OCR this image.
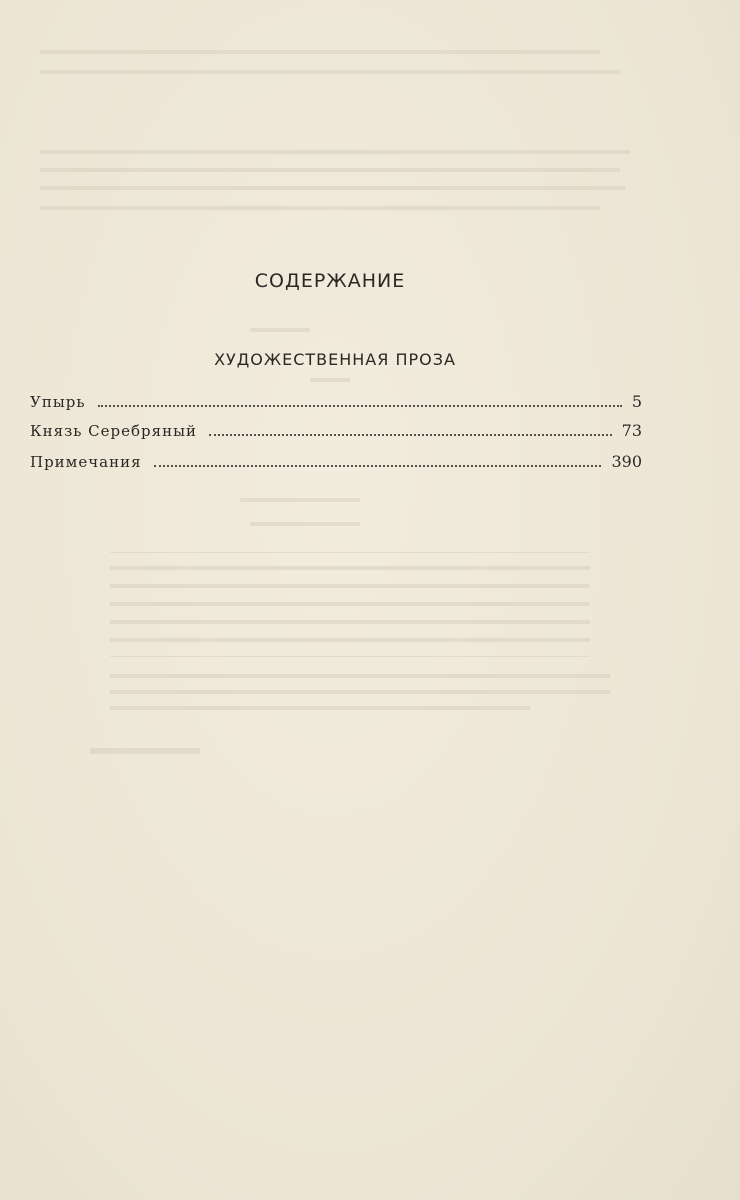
СОДЕРЖАНИЕ
ХУДОЖЕСТВЕННАЯ ПРОЗА
Упырь	5
Князь Серебряный	73
Примечания	390
